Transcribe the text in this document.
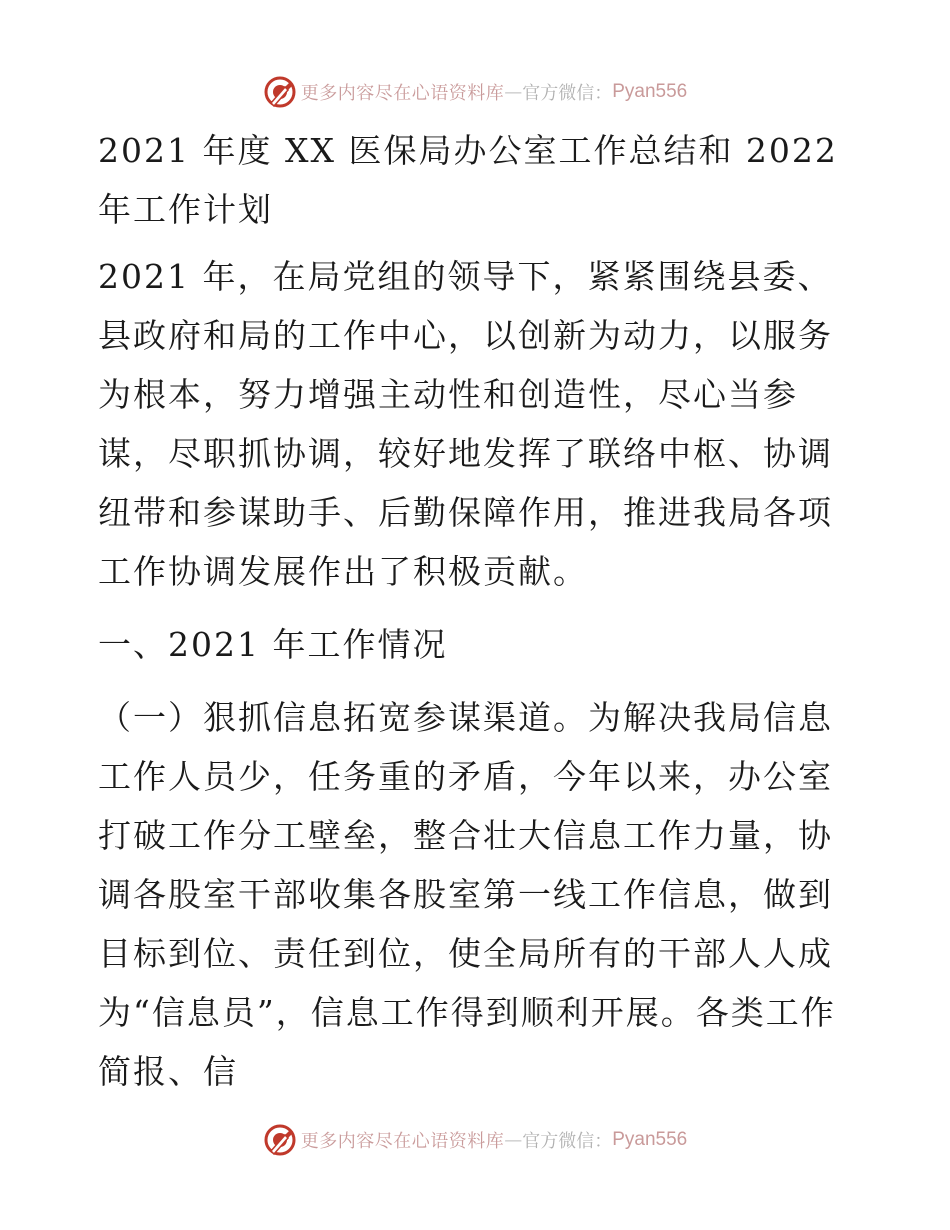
更多内容尽在心语资料库 — 官方微信： Pyan556

2021 年度 XX 医保局办公室工作总结和 2022 年工作计划

2021 年，在局党组的领导下，紧紧围绕县委、县政府和局的工作中心，以创新为动力，以服务为根本，努力增强主动性和创造性，尽心当参谋，尽职抓协调，较好地发挥了联络中枢、协调纽带和参谋助手、后勤保障作用，推进我局各项工作协调发展作出了积极贡献。

一、2021 年工作情况

（一）狠抓信息拓宽参谋渠道。为解决我局信息工作人员少，任务重的矛盾，今年以来，办公室打破工作分工壁垒，整合壮大信息工作力量，协调各股室干部收集各股室第一线工作信息，做到目标到位、责任到位，使全局所有的干部人人成为“信息员”，信息工作得到顺利开展。各类工作简报、信

更多内容尽在心语资料库 — 官方微信： Pyan556
